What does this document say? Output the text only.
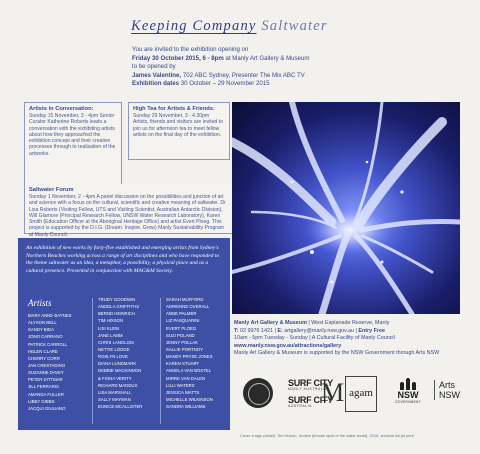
Keeping Company Saltwater
You are invited to the exhibition opening on
Friday 30 October 2015, 6 - 8pm at Manly Art Gallery & Museum
to be opened by
James Valentine, 702 ABC Sydney, Presenter The Mix ABC TV
Exhibition dates 30 October – 29 November 2015
Artists in Conversation:

Sunday 15 November, 3 - 4pm Senior Curator Katherine Roberts leads a conversation with the exhibiting artists about how they approached the exhibition concept and their creative processes through to realisation of the artworks.

High Tea for Artists & Friends:

Sunday 29 November, 3 - 4.30pm Artists, friends and visitors are invited to join us for afternoon tea to meet fellow artists on the final day of the exhibition.

Saltwater Forum

Sunday 1 November, 2 - 4pm A panel discussion on the possibilities and junction of art and science with a focus on the cultural, scientific and creative meaning of saltwater. Dr Lisa Roberts (Visiting Fellow, UTS and Visiting Scientist, Australian Antarctic Division), Will Glamore (Principal Research Fellow, UNSW Water Research Laboratory), Karen Smith (Education Officer at the Aboriginal Heritage Office) and artist Evert Ploeg. This project is supported by the D.I.G. (Dream. Inspire. Grow) Manly Sustainability Program at Manly Council.

An exhibition of new works by forty-five established and emerging artists from Sydney's Northern Beaches working across a range of art disciplines and who have responded to the theme saltwater as an idea, a metaphor, a possibility, a physical place and as a cultural presence. Presented in conjunction with MAG&M Society.
Artists
MARY ANNE BAYNES
ALYSON BELL
SANDY BIDA
JONO CARRANO
PATRICK CARROLL
HELEN CLARE
CHERRY CORR
JAN CRESTADINO
SUZANNE DAVEY
PETER DITTMAR
JILL FERRARIS
AMANDA FULLER
LIBBY GIBBS
JACQUI GIULIANO
TRUDY GOODWIN
ANGELA GRIFFITHS
BERND HEINRICH
TIM HIXSON
LISI KLEIN
JANE LAMM
CHRIS LANGLOIS
NETTIE LODGE
ROSLYN LOVE
DIANA LUNDMARK
DEBBIE MACKINNON
& FIONA VERITY
RICHARD MADDUX
LISA MARSHALL
SALLY MAYMAN
EUNICE MCALLISTER
SARAH MUFFORD
ADRIENNE OVERALL
ANNE PALMER
LIZ PASQUARINI
EVERT PLOEG
SUZI POLAND
JENNY POLLAK
SALLIE PORTNOY
MANDY PRYSE JONES
KAREN STUART
ANGELA VAN BOXTEL
MIRRE VAN DALEN
LILLI WATERS
JESSICA WATTS
MICHELLE WILKINSON
SANDRA WILLIAMS
Manly Art Gallery & Museum | West Esplanade Reserve, Manly
T: 02 9976 1421 | E: artgallery@manly.nsw.gov.au | Entry Free
10am - 5pm Tuesday - Sunday | A Cultural Facility of Manly Council
www.manly.nsw.gov.au/attractions/gallery
Manly Art Gallery & Museum is supported by the NSW Government through Arts NSW
SURF CITY
MANLY AUSTRALIA
SURF CITY
AUSTRALIA M agam	NSW
GOVERNMENT
Arts
NSW
Cover image (detail): Tim Hixson, Undine (female spirit of the water world), 2015, archival ink jet print
